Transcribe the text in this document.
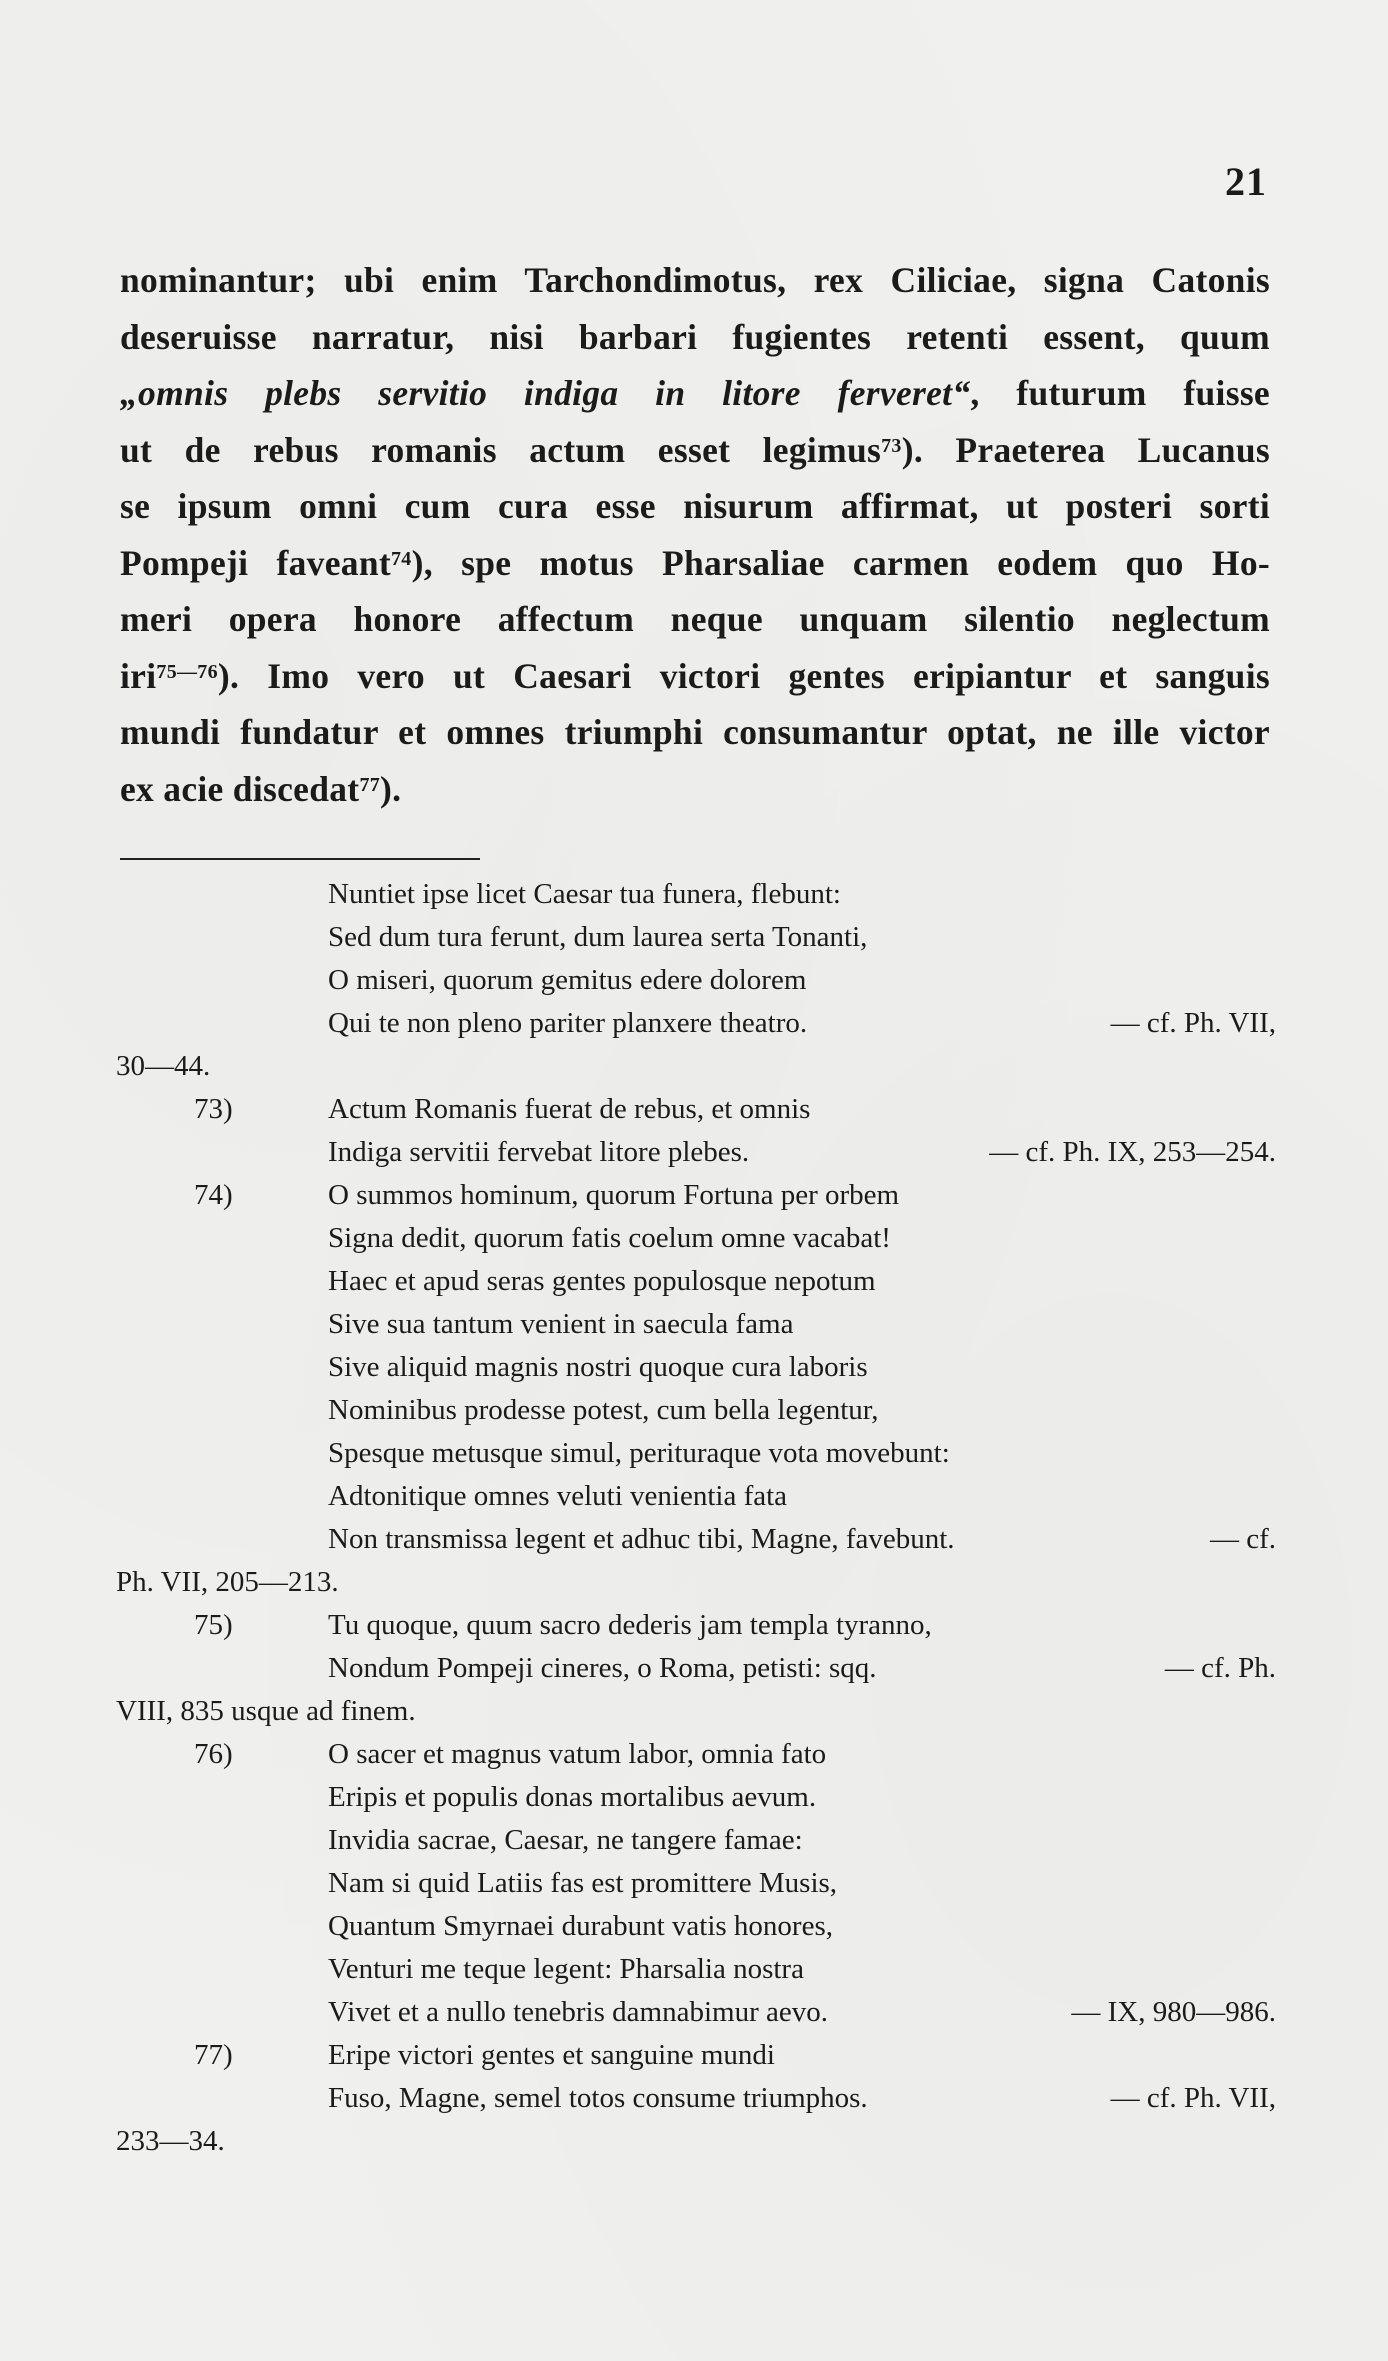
21
nominantur; ubi enim Tarchondimotus, rex Ciliciae, signa Catonis
deseruisse narratur, nisi barbari fugientes retenti essent, quum
„omnis plebs servitio indiga in litore ferveret“, futurum fuisse
ut de rebus romanis actum esset legimus$^{73}$). Praeterea Lucanus
se ipsum omni cum cura esse nisurum affirmat, ut posteri sorti
Pompeji faveant$^{74}$), spe motus Pharsaliae carmen eodem quo Ho-
meri opera honore affectum neque unquam silentio neglectum
iri$^{75—76}$). Imo vero ut Caesari victori gentes eripiantur et sanguis
mundi fundatur et omnes triumphi consumantur optat, ne ille victor
ex acie discedat$^{77}$).
Nuntiet ipse licet Caesar tua funera, flebunt:
Sed dum tura ferunt, dum laurea serta Tonanti,
O miseri, quorum gemitus edere dolorem
Qui te non pleno pariter planxere theatro.	— cf. Ph. VII,
30—44.
73)	Actum Romanis fuerat de rebus, et omnis
Indiga servitii fervebat litore plebes.	— cf. Ph. IX, 253—254.
74)	O summos hominum, quorum Fortuna per orbem
Signa dedit, quorum fatis coelum omne vacabat!
Haec et apud seras gentes populosque nepotum
Sive sua tantum venient in saecula fama
Sive aliquid magnis nostri quoque cura laboris
Nominibus prodesse potest, cum bella legentur,
Spesque metusque simul, perituraque vota movebunt:
Adtonitique omnes veluti venientia fata
Non transmissa legent et adhuc tibi, Magne, favebunt.	— cf.
Ph. VII, 205—213.
75)	Tu quoque, quum sacro dederis jam templa tyranno,
Nondum Pompeji cineres, o Roma, petisti: sqq.	— cf. Ph.
VIII, 835 usque ad finem.
76)	O sacer et magnus vatum labor, omnia fato
Eripis et populis donas mortalibus aevum.
Invidia sacrae, Caesar, ne tangere famae:
Nam si quid Latiis fas est promittere Musis,
Quantum Smyrnaei durabunt vatis honores,
Venturi me teque legent: Pharsalia nostra
Vivet et a nullo tenebris damnabimur aevo.	— IX, 980—986.
77)	Eripe victori gentes et sanguine mundi
Fuso, Magne, semel totos consume triumphos.	— cf. Ph. VII,
233—34.
